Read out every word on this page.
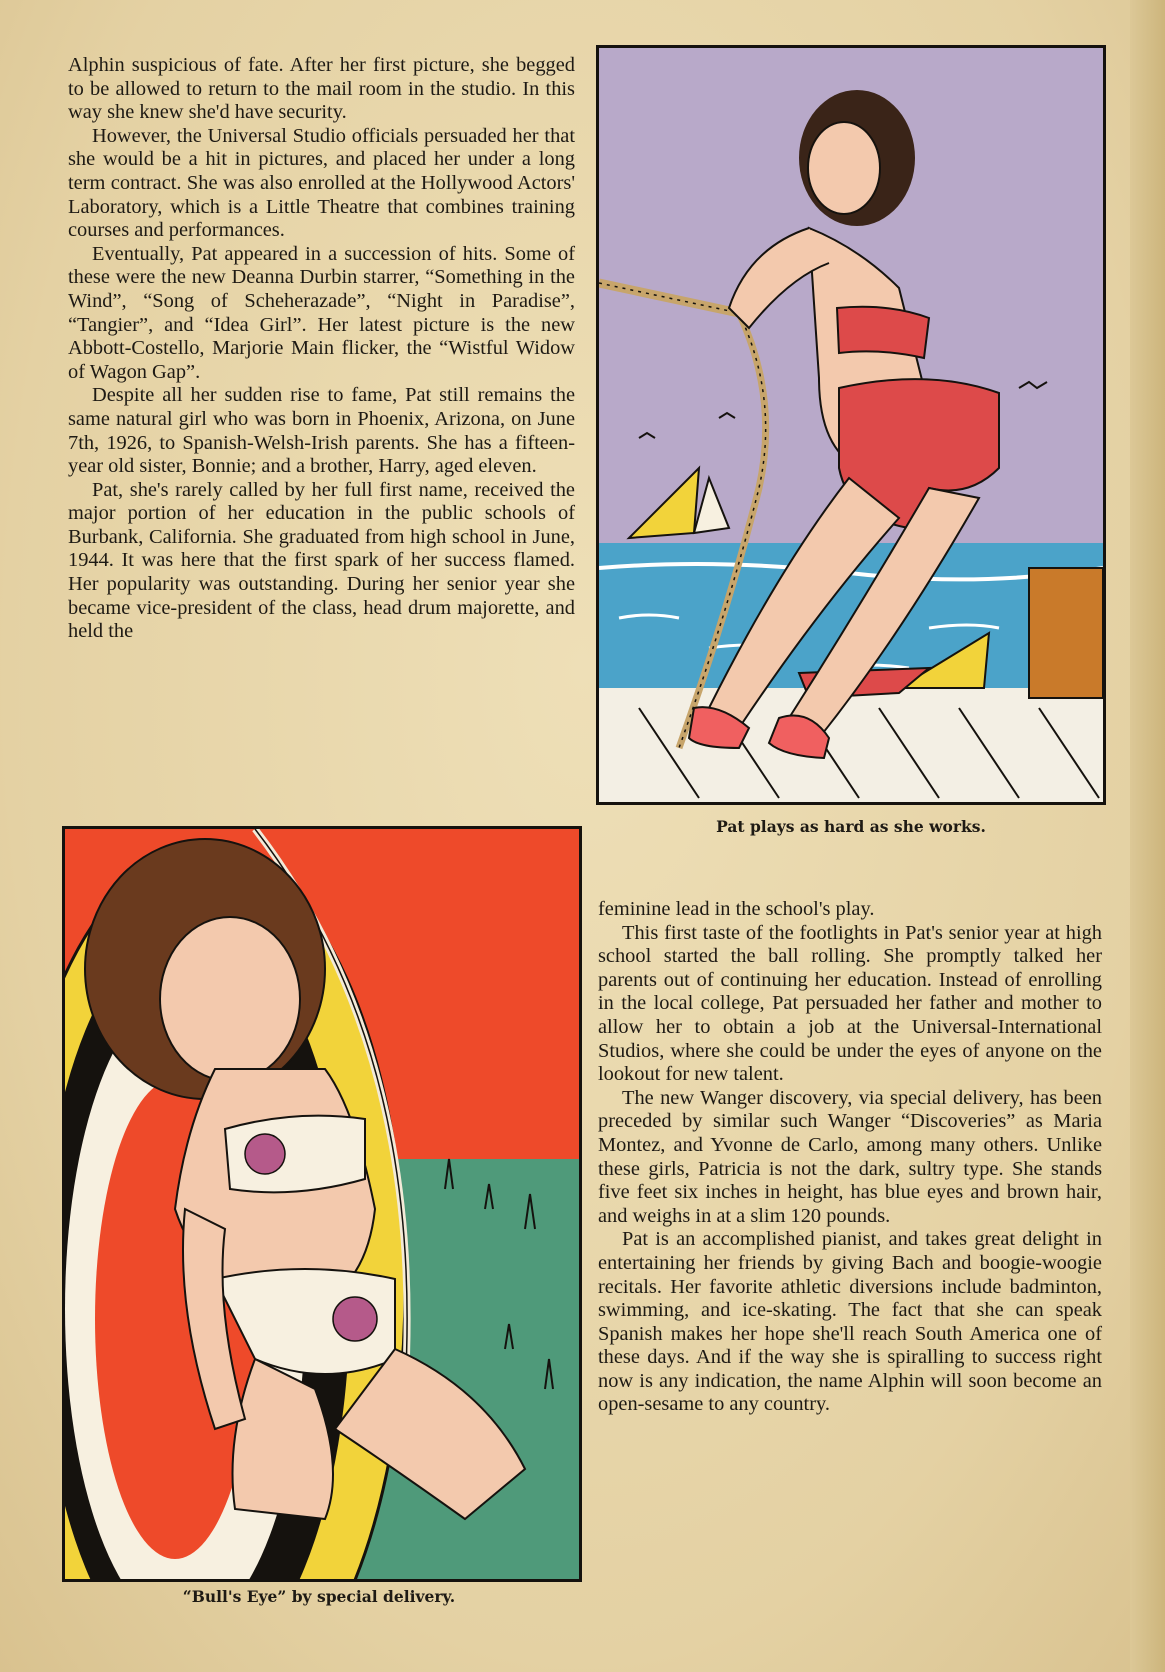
Alphin suspicious of fate. After her first picture, she begged to be allowed to return to the mail room in the studio. In this way she knew she'd have security.

However, the Universal Studio officials persuaded her that she would be a hit in pictures, and placed her under a long term contract. She was also enrolled at the Hollywood Actors' Laboratory, which is a Little Theatre that combines training courses and performances.

Eventually, Pat appeared in a succession of hits. Some of these were the new Deanna Durbin starrer, “Something in the Wind”, “Song of Scheherazade”, “Night in Paradise”, “Tangier”, and “Idea Girl”. Her latest picture is the new Abbott-Costello, Marjorie Main flicker, the “Wistful Widow of Wagon Gap”.

Despite all her sudden rise to fame, Pat still remains the same natural girl who was born in Phoenix, Arizona, on June 7th, 1926, to Spanish-Welsh-Irish parents. She has a fifteen-year old sister, Bonnie; and a brother, Harry, aged eleven.

Pat, she's rarely called by her full first name, received the major portion of her education in the public schools of Burbank, California. She graduated from high school in June, 1944. It was here that the first spark of her success flamed. Her popularity was outstanding. During her senior year she became vice-president of the class, head drum majorette, and held the

Pat plays as hard as she works.
“Bull's Eye” by special delivery.

feminine lead in the school's play.

This first taste of the footlights in Pat's senior year at high school started the ball rolling. She promptly talked her parents out of continuing her education. Instead of enrolling in the local college, Pat persuaded her father and mother to allow her to obtain a job at the Universal-International Studios, where she could be under the eyes of anyone on the lookout for new talent.

The new Wanger discovery, via special delivery, has been preceded by similar such Wanger “Discoveries” as Maria Montez, and Yvonne de Carlo, among many others. Unlike these girls, Patricia is not the dark, sultry type. She stands five feet six inches in height, has blue eyes and brown hair, and weighs in at a slim 120 pounds.

Pat is an accomplished pianist, and takes great delight in entertaining her friends by giving Bach and boogie-woogie recitals. Her favorite athletic diversions include badminton, swimming, and ice-skating. The fact that she can speak Spanish makes her hope she'll reach South America one of these days. And if the way she is spiralling to success right now is any indication, the name Alphin will soon become an open-sesame to any country.
